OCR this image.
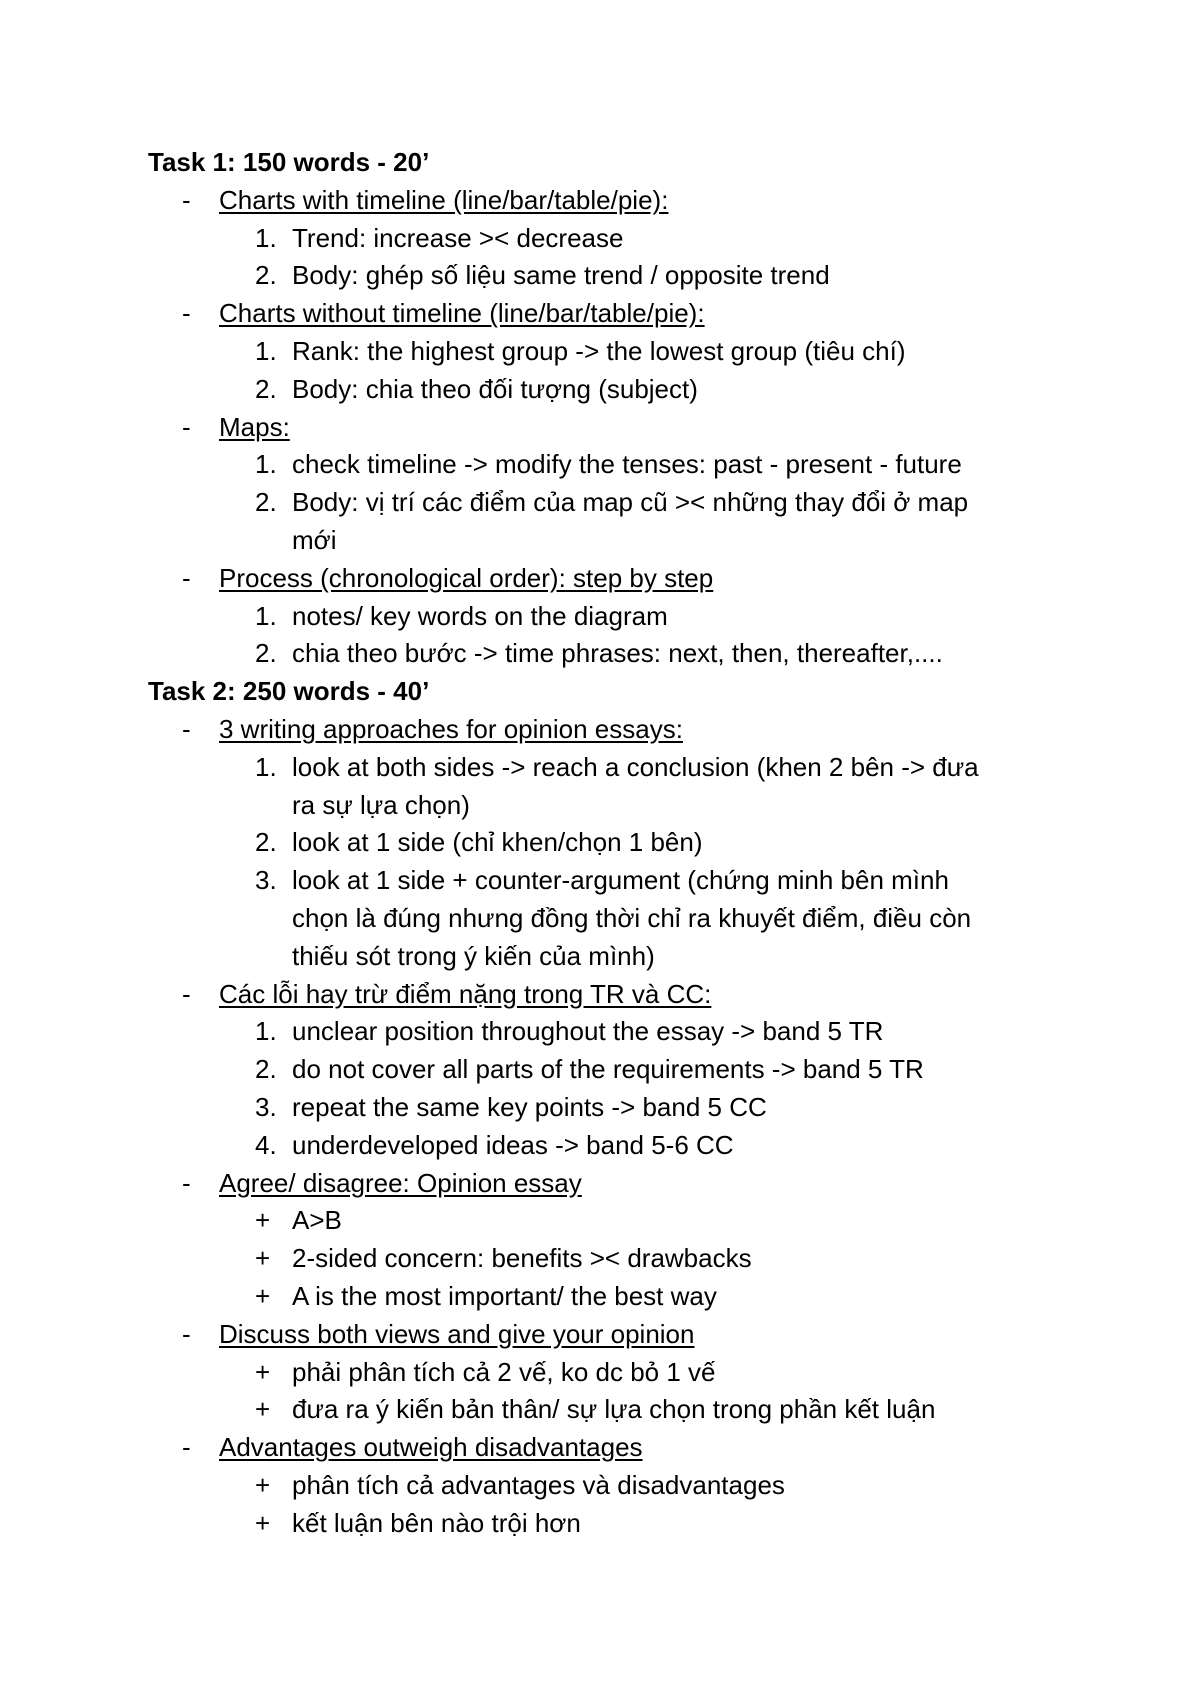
Task 1: 150 words - 20’
- Charts with timeline (line/bar/table/pie):
1. Trend: increase >< decrease
2. Body: ghép số liệu same trend / opposite trend
- Charts without timeline (line/bar/table/pie):
1. Rank: the highest group -> the lowest group (tiêu chí)
2. Body: chia theo đối tượng (subject)
- Maps:
1. check timeline -> modify the tenses: past - present - future
2. Body: vị trí các điểm của map cũ >< những thay đổi ở map
mới
- Process (chronological order): step by step
1. notes/ key words on the diagram
2. chia theo bước -> time phrases: next, then, thereafter,....
Task 2: 250 words - 40’
- 3 writing approaches for opinion essays:
1. look at both sides -> reach a conclusion (khen 2 bên -> đưa
ra sự lựa chọn)
2. look at 1 side (chỉ khen/chọn 1 bên)
3. look at 1 side + counter-argument (chứng minh bên mình
chọn là đúng nhưng đồng thời chỉ ra khuyết điểm, điều còn
thiếu sót trong ý kiến của mình)
- Các lỗi hay trừ điểm nặng trong TR và CC:
1. unclear position throughout the essay -> band 5 TR
2. do not cover all parts of the requirements -> band 5 TR
3. repeat the same key points -> band 5 CC
4. underdeveloped ideas -> band 5-6 CC
- Agree/ disagree: Opinion essay
+ A>B
+ 2-sided concern: benefits >< drawbacks
+ A is the most important/ the best way
- Discuss both views and give your opinion
+ phải phân tích cả 2 vế, ko dc bỏ 1 vế
+ đưa ra ý kiến bản thân/ sự lựa chọn trong phần kết luận
- Advantages outweigh disadvantages
+ phân tích cả advantages và disadvantages
+ kết luận bên nào trội hơn
